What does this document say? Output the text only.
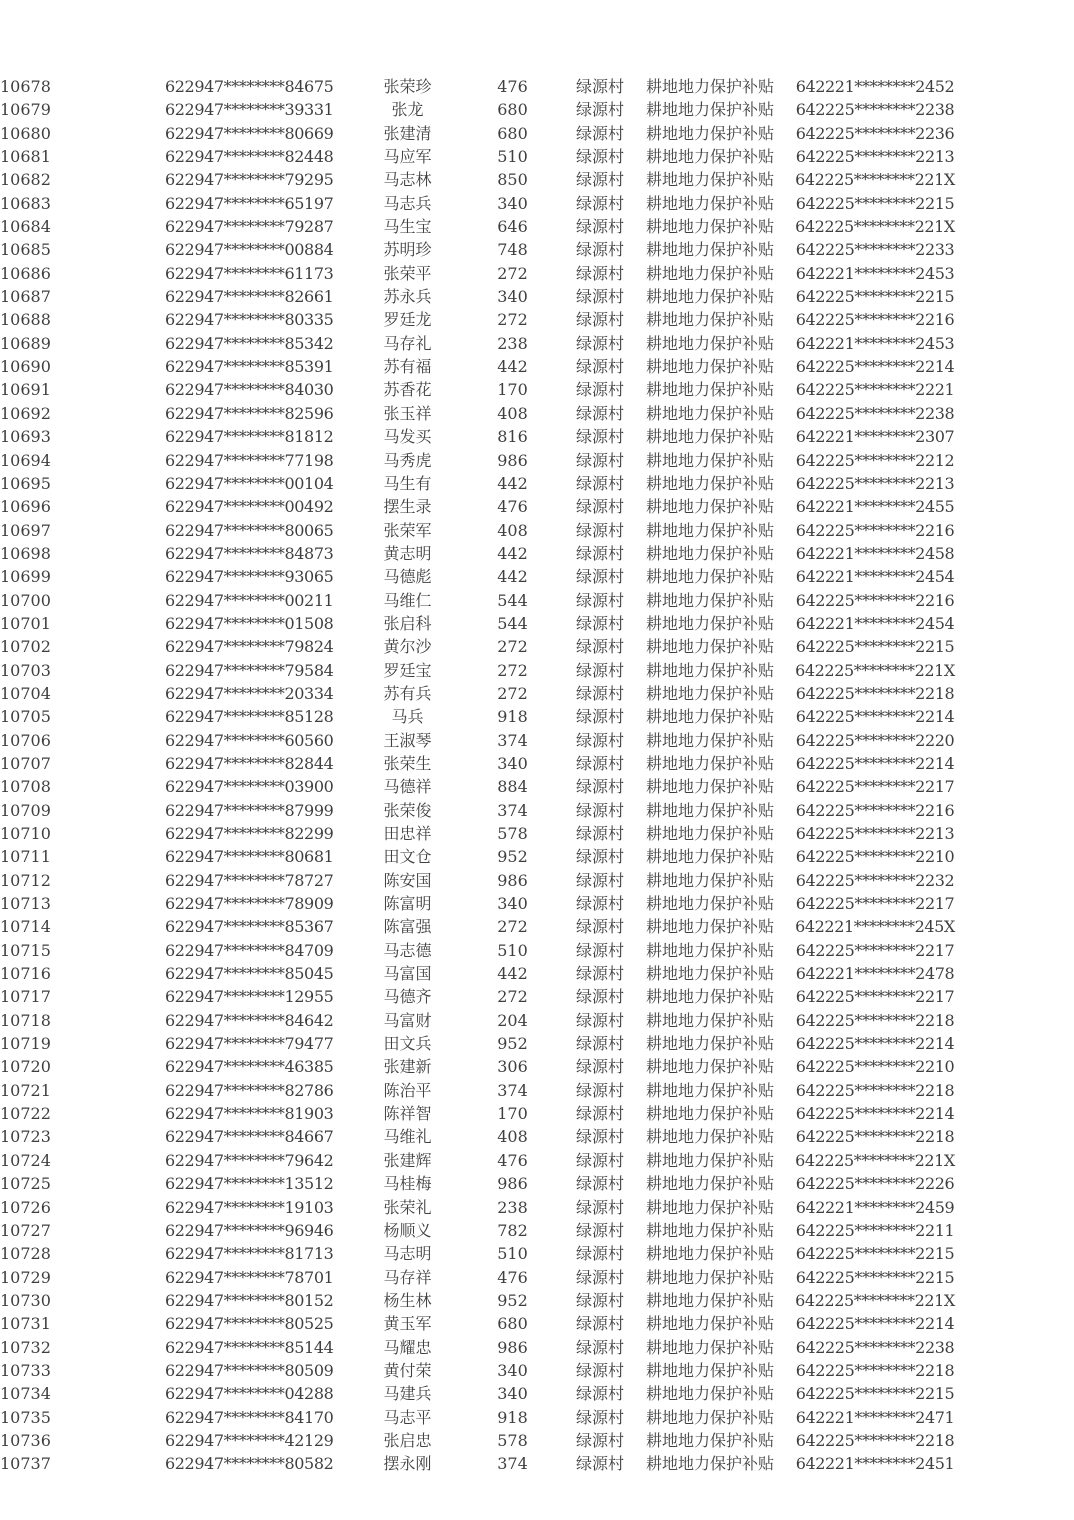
10678	622947********84675	张荣珍	476	绿源村	耕地地力保护补贴	642221********2452	
10679	622947********39331	张龙	680	绿源村	耕地地力保护补贴	642225********2238	
10680	622947********80669	张建清	680	绿源村	耕地地力保护补贴	642225********2236	
10681	622947********82448	马应军	510	绿源村	耕地地力保护补贴	642225********2213	
10682	622947********79295	马志林	850	绿源村	耕地地力保护补贴	642225********221X	
10683	622947********65197	马志兵	340	绿源村	耕地地力保护补贴	642225********2215	
10684	622947********79287	马生宝	646	绿源村	耕地地力保护补贴	642225********221X	
10685	622947********00884	苏明珍	748	绿源村	耕地地力保护补贴	642225********2233	
10686	622947********61173	张荣平	272	绿源村	耕地地力保护补贴	642221********2453	
10687	622947********82661	苏永兵	340	绿源村	耕地地力保护补贴	642225********2215	
10688	622947********80335	罗廷龙	272	绿源村	耕地地力保护补贴	642225********2216	
10689	622947********85342	马存礼	238	绿源村	耕地地力保护补贴	642221********2453	
10690	622947********85391	苏有福	442	绿源村	耕地地力保护补贴	642225********2214	
10691	622947********84030	苏香花	170	绿源村	耕地地力保护补贴	642225********2221	
10692	622947********82596	张玉祥	408	绿源村	耕地地力保护补贴	642225********2238	
10693	622947********81812	马发买	816	绿源村	耕地地力保护补贴	642221********2307	
10694	622947********77198	马秀虎	986	绿源村	耕地地力保护补贴	642225********2212	
10695	622947********00104	马生有	442	绿源村	耕地地力保护补贴	642225********2213	
10696	622947********00492	摆生录	476	绿源村	耕地地力保护补贴	642221********2455	
10697	622947********80065	张荣军	408	绿源村	耕地地力保护补贴	642225********2216	
10698	622947********84873	黄志明	442	绿源村	耕地地力保护补贴	642221********2458	
10699	622947********93065	马德彪	442	绿源村	耕地地力保护补贴	642221********2454	
10700	622947********00211	马维仁	544	绿源村	耕地地力保护补贴	642225********2216	
10701	622947********01508	张启科	544	绿源村	耕地地力保护补贴	642221********2454	
10702	622947********79824	黄尔沙	272	绿源村	耕地地力保护补贴	642225********2215	
10703	622947********79584	罗廷宝	272	绿源村	耕地地力保护补贴	642225********221X	
10704	622947********20334	苏有兵	272	绿源村	耕地地力保护补贴	642225********2218	
10705	622947********85128	马兵	918	绿源村	耕地地力保护补贴	642225********2214	
10706	622947********60560	王淑琴	374	绿源村	耕地地力保护补贴	642225********2220	
10707	622947********82844	张荣生	340	绿源村	耕地地力保护补贴	642225********2214	
10708	622947********03900	马德祥	884	绿源村	耕地地力保护补贴	642225********2217	
10709	622947********87999	张荣俊	374	绿源村	耕地地力保护补贴	642225********2216	
10710	622947********82299	田忠祥	578	绿源村	耕地地力保护补贴	642225********2213	
10711	622947********80681	田文仓	952	绿源村	耕地地力保护补贴	642225********2210	
10712	622947********78727	陈安国	986	绿源村	耕地地力保护补贴	642225********2232	
10713	622947********78909	陈富明	340	绿源村	耕地地力保护补贴	642225********2217	
10714	622947********85367	陈富强	272	绿源村	耕地地力保护补贴	642221********245X	
10715	622947********84709	马志德	510	绿源村	耕地地力保护补贴	642225********2217	
10716	622947********85045	马富国	442	绿源村	耕地地力保护补贴	642221********2478	
10717	622947********12955	马德齐	272	绿源村	耕地地力保护补贴	642225********2217	
10718	622947********84642	马富财	204	绿源村	耕地地力保护补贴	642225********2218	
10719	622947********79477	田文兵	952	绿源村	耕地地力保护补贴	642225********2214	
10720	622947********46385	张建新	306	绿源村	耕地地力保护补贴	642225********2210	
10721	622947********82786	陈治平	374	绿源村	耕地地力保护补贴	642225********2218	
10722	622947********81903	陈祥智	170	绿源村	耕地地力保护补贴	642225********2214	
10723	622947********84667	马维礼	408	绿源村	耕地地力保护补贴	642225********2218	
10724	622947********79642	张建辉	476	绿源村	耕地地力保护补贴	642225********221X	
10725	622947********13512	马桂梅	986	绿源村	耕地地力保护补贴	642225********2226	
10726	622947********19103	张荣礼	238	绿源村	耕地地力保护补贴	642221********2459	
10727	622947********96946	杨顺义	782	绿源村	耕地地力保护补贴	642225********2211	
10728	622947********81713	马志明	510	绿源村	耕地地力保护补贴	642225********2215	
10729	622947********78701	马存祥	476	绿源村	耕地地力保护补贴	642225********2215	
10730	622947********80152	杨生林	952	绿源村	耕地地力保护补贴	642225********221X	
10731	622947********80525	黄玉军	680	绿源村	耕地地力保护补贴	642225********2214	
10732	622947********85144	马耀忠	986	绿源村	耕地地力保护补贴	642225********2238	
10733	622947********80509	黄付荣	340	绿源村	耕地地力保护补贴	642225********2218	
10734	622947********04288	马建兵	340	绿源村	耕地地力保护补贴	642225********2215	
10735	622947********84170	马志平	918	绿源村	耕地地力保护补贴	642221********2471	
10736	622947********42129	张启忠	578	绿源村	耕地地力保护补贴	642225********2218	
10737	622947********80582	摆永刚	374	绿源村	耕地地力保护补贴	642221********2451	
